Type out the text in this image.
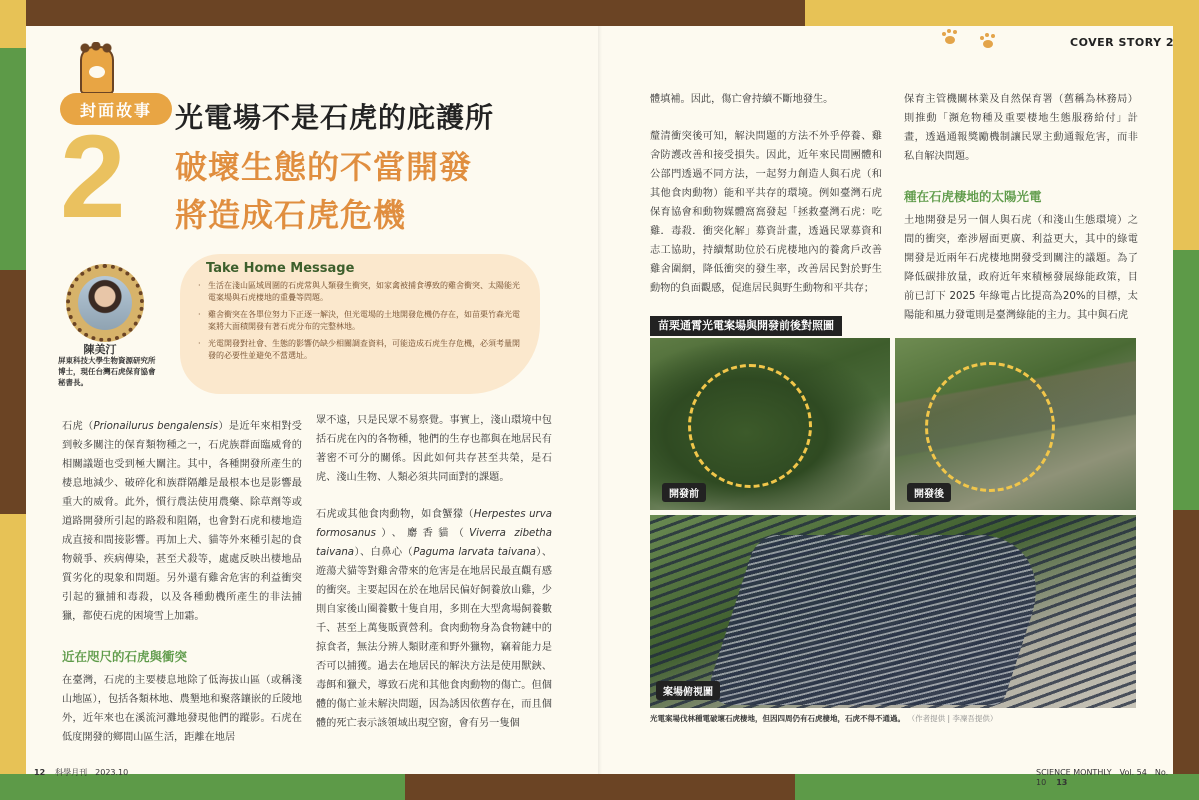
封面故事
2 光電場不是石虎的庇護所
破壞生態的不當開發
將造成石虎危機
陳美汀
屏東科技大學生物資源研究所博士，現任台灣石虎保育協會秘書長。
Take Home Message
· 生活在淺山區域周圍的石虎常與人類發生衝突，如家禽被捕食導致的雞舍衝突、太陽能光電案場與石虎棲地的重疊等問題。
· 雞舍衝突在各單位努力下正逐一解決，但光電場的土地開發危機仍存在，如苗栗竹森光電案將大面積開發有著石虎分布的完整林地。
· 光電開發對社會、生態的影響仍缺少相關調查資料，可能造成石虎生存危機，必須考量開發的必要性並避免不當選址。

石虎（Prionailurus bengalensis）是近年來相對受到較多關注的保育類物種之一，石虎族群面臨威脅的相關議題也受到極大關注。其中，各種開發所產生的棲息地減少、破碎化和族群隔離是最根本也是影響最重大的威脅。此外，慣行農法使用農藥、除草劑等或道路開發所引起的路殺和阻隔，也會對石虎和棲地造成直接和間接影響。再加上犬、貓等外來種引起的食物競爭、疾病傳染，甚至犬殺等，處處反映出棲地品質劣化的現象和問題。另外還有雞舍危害的利益衝突引起的獵捕和毒殺，以及各種動機所產生的非法捕獵，都使石虎的困境雪上加霜。

近在咫尺的石虎與衝突

在臺灣，石虎的主要棲息地除了低海拔山區（或稱淺山地區），包括各類林地、農墾地和聚落鑲嵌的丘陵地外，近年來也在溪流河灘地發現他們的蹤影。石虎在低度開發的鄉間山區生活，距離在地居

眾不遠，只是民眾不易察覺。事實上，淺山環境中包括石虎在內的各物種，牠們的生存也都與在地居民有著密不可分的關係。因此如何共存甚至共榮，是石虎、淺山生物、人類必須共同面對的課題。

石虎或其他食肉動物，如食蟹獴（Herpestes urva formosanus）、麝香貓（Viverra zibetha taivana）、白鼻心（Paguma larvata taivana）、遊蕩犬貓等對雞舍帶來的危害是在地居民最直觀有感的衝突。主要起因在於在地居民偏好飼養放山雞，少則自家後山圈養數十隻自用，多則在大型禽場飼養數千、甚至上萬隻販賣營利。食肉動物身為食物鏈中的掠食者，無法分辨人類財產和野外獵物，竊着能力是否可以捕獲。過去在地居民的解決方法是使用獸鋏、毒餌和獵犬，導致石虎和其他食肉動物的傷亡。但個體的傷亡並未解決問題，因為誘因依舊存在，而且個體的死亡表示該領域出現空窗，會有另一隻個

COVER STORY 2

體填補。因此，傷亡會持續不斷地發生。

釐清衝突後可知，解決問題的方法不外乎停養、雞舍防護改善和接受損失。因此，近年來民間團體和公部門透過不同方法，一起努力創造人與石虎（和其他食肉動物）能和平共存的環境。例如臺灣石虎保育協會和動物媒體窩窩發起「拯救臺灣石虎：吃雞．毒殺．衝突化解」募資計畫，透過民眾募資和志工協助，持續幫助位於石虎棲地內的養禽戶改善雞舍圍網，降低衝突的發生率，改善居民對於野生動物的負面觀感，促進居民與野生動物和平共存；

保育主管機關林業及自然保育署（舊稱為林務局）則推動「瀕危物種及重要棲地生態服務給付」計畫，透過通報獎勵機制讓民眾主動通報危害，而非私自解決問題。

種在石虎棲地的太陽光電

土地開發是另一個人與石虎（和淺山生態環境）之間的衝突，牽涉層面更廣、利益更大，其中的綠電開發是近兩年石虎棲地開發受到關注的議題。為了降低碳排放量，政府近年來積極發展綠能政策，目前已訂下 2025 年綠電占比提高為20%的目標，太陽能和風力發電則是臺灣綠能的主力。其中與石虎

苗栗通霄光電案場與開發前後對照圖
開發前	開發後
案場俯視圖
光電案場伐林種電破壞石虎棲地，但因四周仍有石虎棲地，石虎不得不通過。 （作者提供 | 李凜吾提供）
12 科學月刊　2023.10	SCIENCE MONTHLY　Vol. 54　No. 10 13
